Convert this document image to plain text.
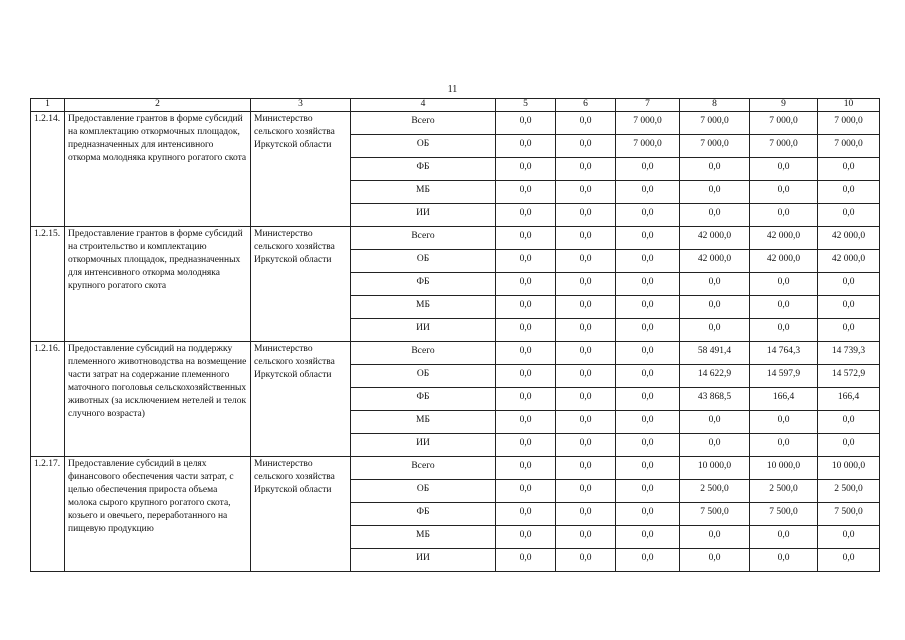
11
1	2	3	4	5	6	7	8	9	10
1.2.14.	Предоставление грантов в форме субсидий на комплектацию откормочных площадок, предназначенных для интенсивного откорма молодняка крупного рогатого скота	Министерство сельского хозяйства Иркутской области	Всего	0,0	0,0	7 000,0	7 000,0	7 000,0	7 000,0
			ОБ	0,0	0,0	7 000,0	7 000,0	7 000,0	7 000,0
			ФБ	0,0	0,0	0,0	0,0	0,0	0,0
			МБ	0,0	0,0	0,0	0,0	0,0	0,0
			ИИ	0,0	0,0	0,0	0,0	0,0	0,0
1.2.15.	Предоставление грантов в форме субсидий на строительство и комплектацию откормочных площадок, предназначенных для интенсивного откорма молодняка крупного рогатого скота	Министерство сельского хозяйства Иркутской области	Всего	0,0	0,0	0,0	42 000,0	42 000,0	42 000,0
			ОБ	0,0	0,0	0,0	42 000,0	42 000,0	42 000,0
			ФБ	0,0	0,0	0,0	0,0	0,0	0,0
			МБ	0,0	0,0	0,0	0,0	0,0	0,0
			ИИ	0,0	0,0	0,0	0,0	0,0	0,0
1.2.16.	Предоставление субсидий на поддержку племенного животноводства на возмещение части затрат на содержание племенного маточного поголовья сельскохозяйственных животных (за исключением нетелей и телок случного возраста)	Министерство сельского хозяйства Иркутской области	Всего	0,0	0,0	0,0	58 491,4	14 764,3	14 739,3
			ОБ	0,0	0,0	0,0	14 622,9	14 597,9	14 572,9
			ФБ	0,0	0,0	0,0	43 868,5	166,4	166,4
			МБ	0,0	0,0	0,0	0,0	0,0	0,0
			ИИ	0,0	0,0	0,0	0,0	0,0	0,0
1.2.17.	Предоставление субсидий в целях финансового обеспечения части затрат, с целью обеспечения прироста объема молока сырого крупного рогатого скота, козьего и овечьего, переработанного на пищевую продукцию	Министерство сельского хозяйства Иркутской области	Всего	0,0	0,0	0,0	10 000,0	10 000,0	10 000,0
			ОБ	0,0	0,0	0,0	2 500,0	2 500,0	2 500,0
			ФБ	0,0	0,0	0,0	7 500,0	7 500,0	7 500,0
			МБ	0,0	0,0	0,0	0,0	0,0	0,0
			ИИ	0,0	0,0	0,0	0,0	0,0	0,0
